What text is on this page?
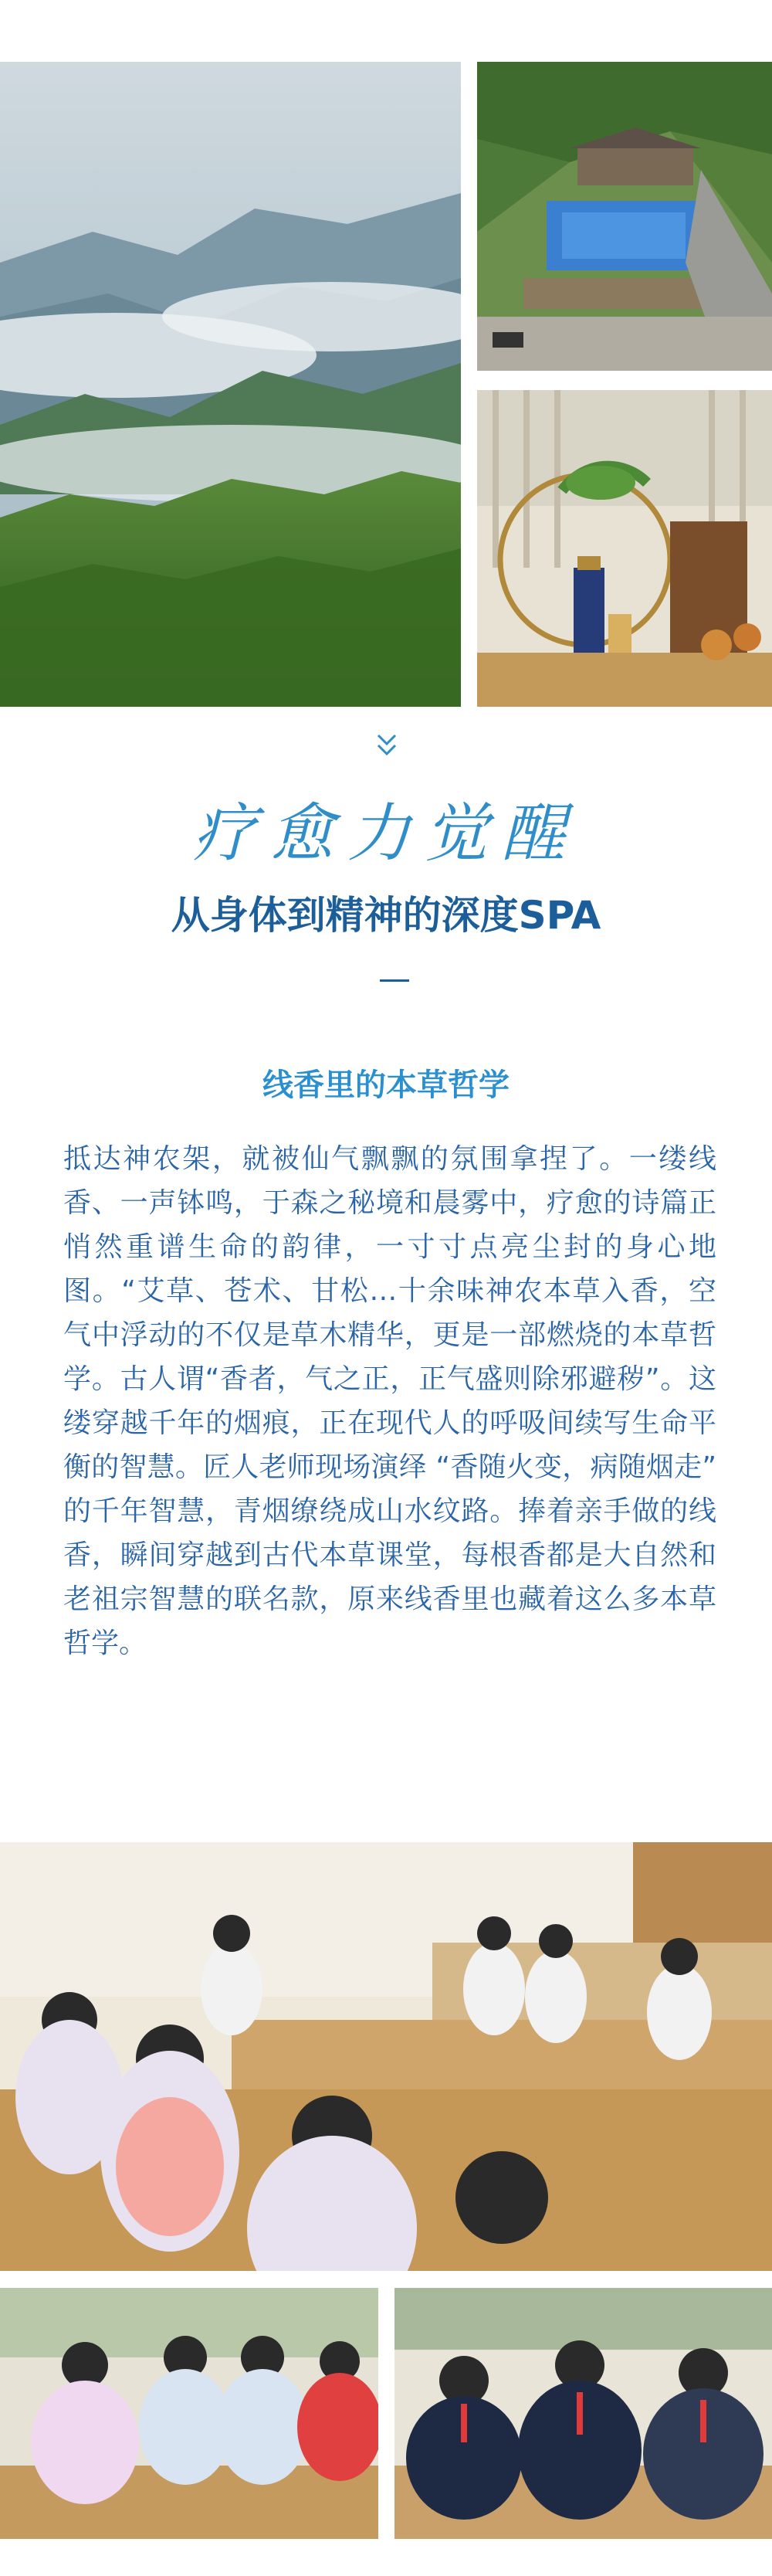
疗愈力觉醒
从身体到精神的深度SPA
线香里的本草哲学

抵达神农架，就被仙气飘飘的氛围拿捏了。一缕线香、一声钵鸣，于森之秘境和晨雾中，疗愈的诗篇正悄然重谱生命的韵律，一寸寸点亮尘封的身心地图。“艾草、苍术、甘松…十余味神农本草入香，空气中浮动的不仅是草木精华，更是一部燃烧的本草哲学。古人谓“香者，气之正，正气盛则除邪避秽”。这缕穿越千年的烟痕，正在现代人的呼吸间续写生命平衡的智慧。匠人老师现场演绎 “香随火变，病随烟走” 的千年智慧，青烟缭绕成山水纹路。捧着亲手做的线香，瞬间穿越到古代本草课堂，每根香都是大自然和老祖宗智慧的联名款，原来线香里也藏着这么多本草哲学。
